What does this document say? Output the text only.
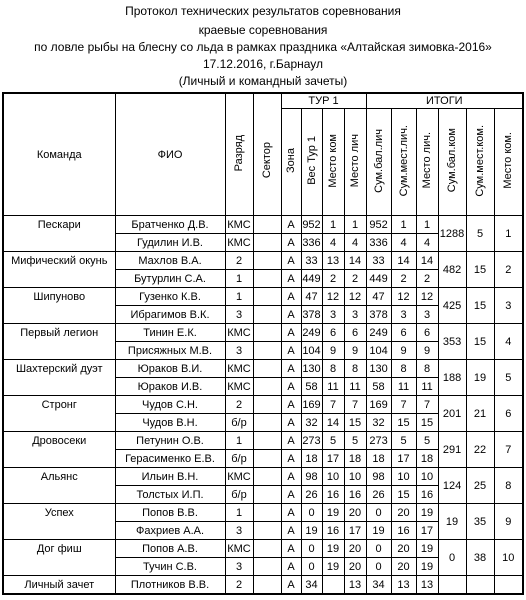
Протокол технических результатов соревнования
краевые соревнования
по ловле рыбы на блесну со льда в рамках праздника «Алтайская зимовка-2016»
17.12.2016, г.Барнаул
(Личный и командный зачеты)
Команда	ФИО	Разряд		ТУР 1				ИТОГИ					
			Сектор	Зона	Вес Тур 1	Место ком	Место лич	Сум.бал.лич	Сум.мест.лич.	Место лич.	Сум.бал.ком	Сум.мест.ком.	Место ком.
Пескари	Братченко Д.В.	КМС		А	952	1	1	952	1	1	1288	5	1
	Гудилин И.В.	КМС		А	336	4	4	336	4	4			
Мифический окунь	Махлов В.А.	2		А	33	13	14	33	14	14	482	15	2
	Бутурлин С.А.	1		А	449	2	2	449	2	2			
Шипуново	Гузенко К.В.	1		А	47	12	12	47	12	12	425	15	3
	Ибрагимов В.К.	3		А	378	3	3	378	3	3			
Первый легион	Тинин Е.К.	КМС		А	249	6	6	249	6	6	353	15	4
	Присяжных М.В.	3		А	104	9	9	104	9	9			
Шахтерский дуэт	Юраков В.И.	КМС		А	130	8	8	130	8	8	188	19	5
	Юраков И.В.	КМС		А	58	11	11	58	11	11			
Стронг	Чудов С.Н.	2		А	169	7	7	169	7	7	201	21	6
	Чудов В.Н.	б/р		А	32	14	15	32	15	15			
Дровосеки	Петунин О.В.	1		А	273	5	5	273	5	5	291	22	7
	Герасименко Е.В.	б/р		А	18	17	18	18	17	18			
Альянс	Ильин В.Н.	КМС		А	98	10	10	98	10	10	124	25	8
	Толстых И.П.	б/р		А	26	16	16	26	15	16			
Успех	Попов В.В.	1		А	0	19	20	0	20	19	19	35	9
	Фахриев А.А.	3		А	19	16	17	19	16	17			
Дог фиш	Попов А.В.	КМС		А	0	19	20	0	20	19	0	38	10
	Тучин С.В.	3		А	0	19	20	0	20	19			
Личный зачет	Плотников В.В.	2		А	34		13	34	13	13			
